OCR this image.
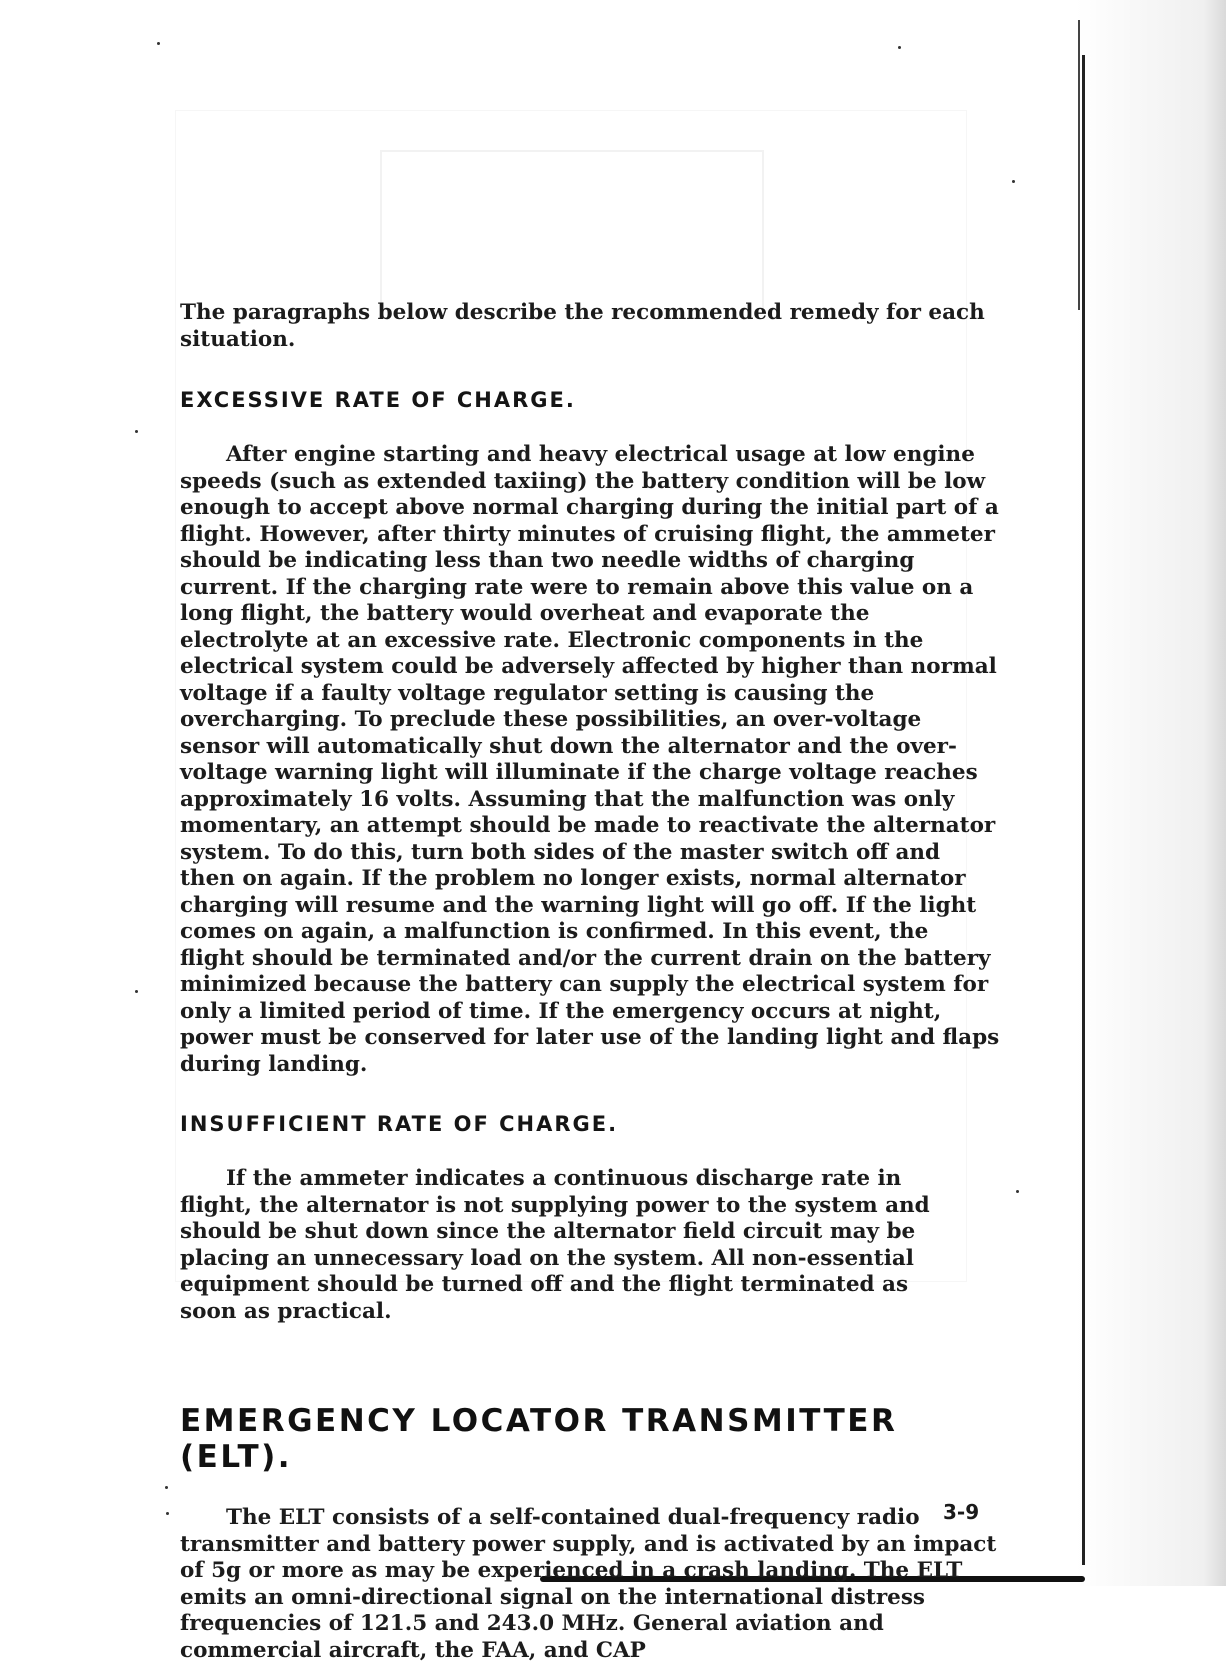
The paragraphs below describe the recommended remedy for each situation.

EXCESSIVE RATE OF CHARGE.

After engine starting and heavy electrical usage at low engine speeds (such as extended taxiing) the battery condition will be low enough to accept above normal charging during the initial part of a flight. However, after thirty minutes of cruising flight, the ammeter should be indicating less than two needle widths of charging current. If the charging rate were to remain above this value on a long flight, the battery would overheat and evaporate the electrolyte at an excessive rate. Electronic components in the electrical system could be adversely affected by higher than normal voltage if a faulty voltage regulator setting is causing the overcharging. To preclude these possibilities, an over-voltage sensor will automatically shut down the alternator and the over-voltage warning light will illuminate if the charge voltage reaches approximately 16 volts. Assuming that the malfunction was only momentary, an attempt should be made to reactivate the alternator system. To do this, turn both sides of the master switch off and then on again. If the problem no longer exists, normal alternator charging will resume and the warning light will go off. If the light comes on again, a malfunction is confirmed. In this event, the flight should be terminated and/or the current drain on the battery minimized because the battery can supply the electrical system for only a limited period of time. If the emergency occurs at night, power must be conserved for later use of the landing light and flaps during landing.

INSUFFICIENT RATE OF CHARGE.

If the ammeter indicates a continuous discharge rate in flight, the alternator is not supplying power to the system and should be shut down since the alternator field circuit may be placing an unnecessary load on the system. All non-essential equipment should be turned off and the flight terminated as soon as practical.

EMERGENCY LOCATOR TRANSMITTER (ELT).

The ELT consists of a self-contained dual-frequency radio transmitter and battery power supply, and is activated by an impact of 5g or more as may be experienced in a crash landing. The ELT emits an omni-directional signal on the international distress frequencies of 121.5 and 243.0 MHz. General aviation and commercial aircraft, the FAA, and CAP

3-9
